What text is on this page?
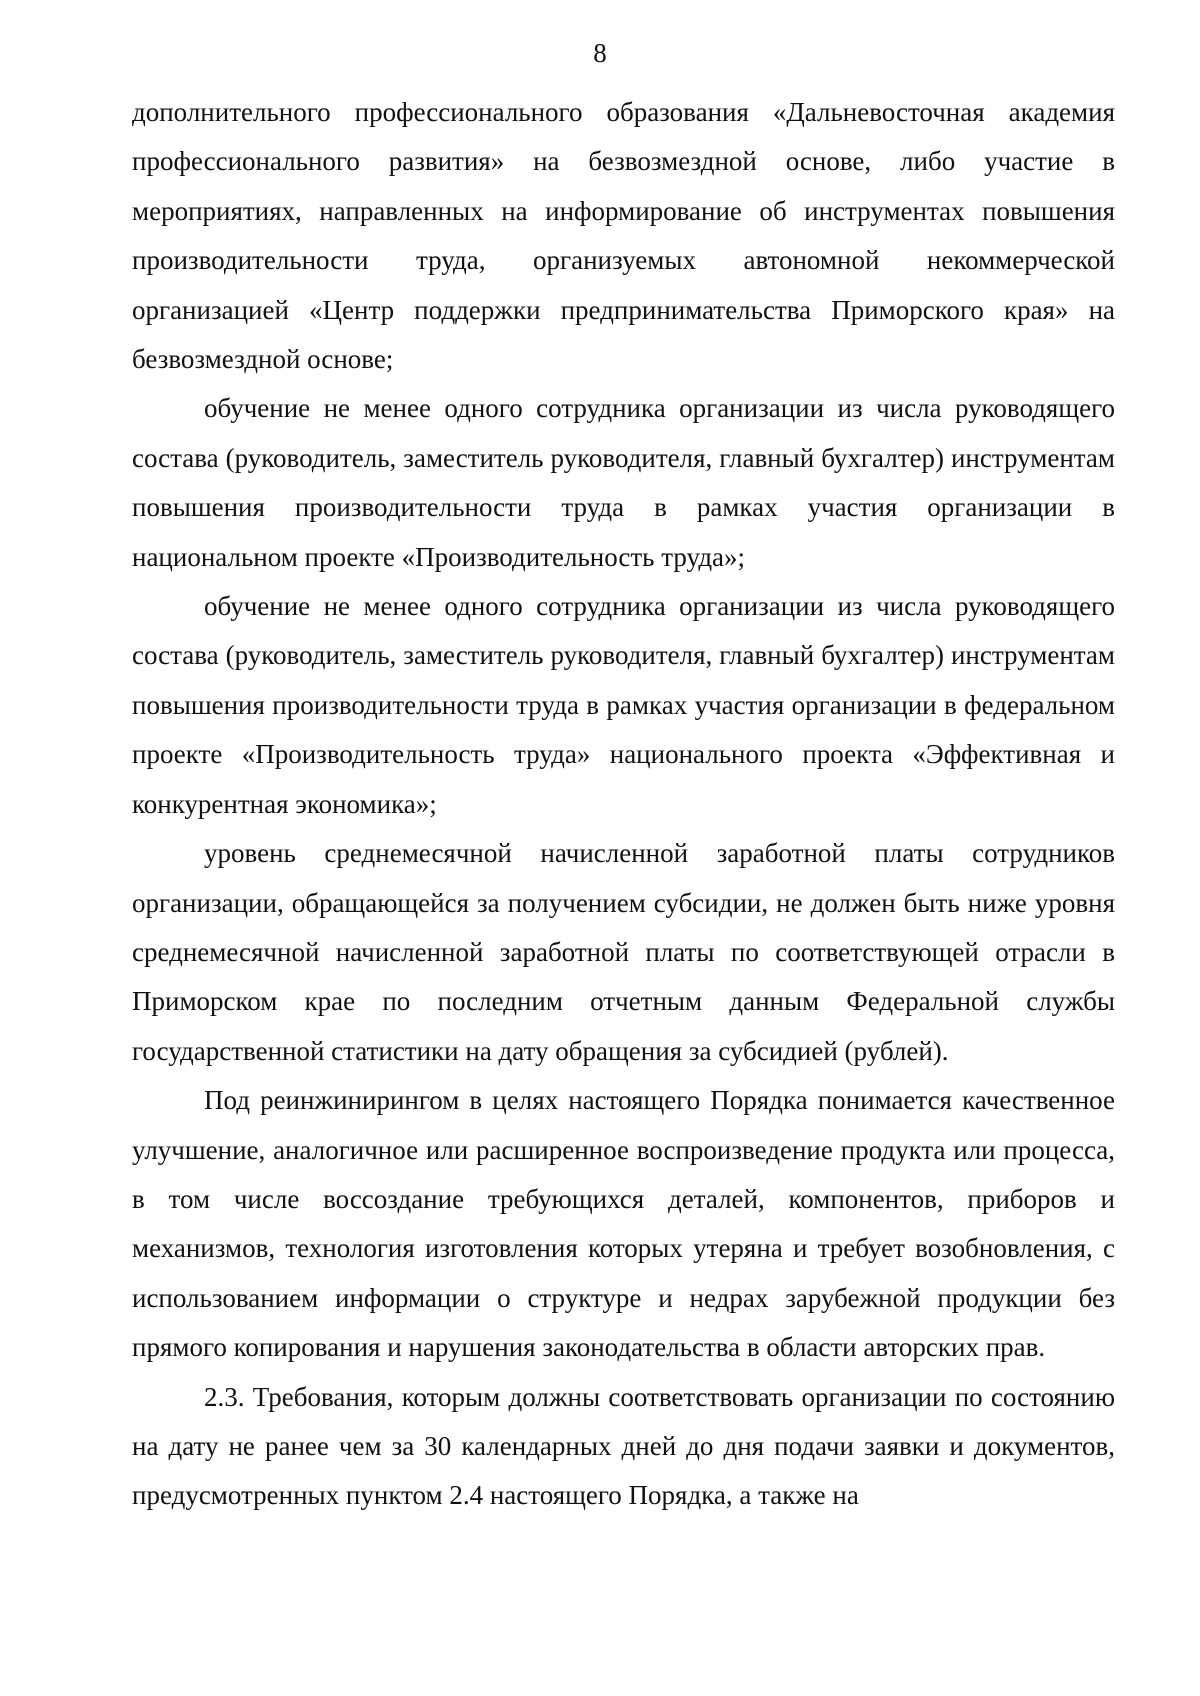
8

дополнительного профессионального образования «Дальневосточная академия профессионального развития» на безвозмездной основе, либо участие в мероприятиях, направленных на информирование об инструментах повышения производительности труда, организуемых автономной некоммерческой организацией «Центр поддержки предпринимательства Приморского края» на безвозмездной основе;

обучение не менее одного сотрудника организации из числа руководящего состава (руководитель, заместитель руководителя, главный бухгалтер) инструментам повышения производительности труда в рамках участия организации в национальном проекте «Производительность труда»;

обучение не менее одного сотрудника организации из числа руководящего состава (руководитель, заместитель руководителя, главный бухгалтер) инструментам повышения производительности труда в рамках участия организации в федеральном проекте «Производительность труда» национального проекта «Эффективная и конкурентная экономика»;

уровень среднемесячной начисленной заработной платы сотрудников организации, обращающейся за получением субсидии, не должен быть ниже уровня среднемесячной начисленной заработной платы по соответствующей отрасли в Приморском крае по последним отчетным данным Федеральной службы государственной статистики на дату обращения за субсидией (рублей).

Под реинжинирингом в целях настоящего Порядка понимается качественное улучшение, аналогичное или расширенное воспроизведение продукта или процесса, в том числе воссоздание требующихся деталей, компонентов, приборов и механизмов, технология изготовления которых утеряна и требует возобновления, с использованием информации о структуре и недрах зарубежной продукции без прямого копирования и нарушения законодательства в области авторских прав.

2.3. Требования, которым должны соответствовать организации по состоянию на дату не ранее чем за 30 календарных дней до дня подачи заявки и документов, предусмотренных пунктом 2.4 настоящего Порядка, а также на
